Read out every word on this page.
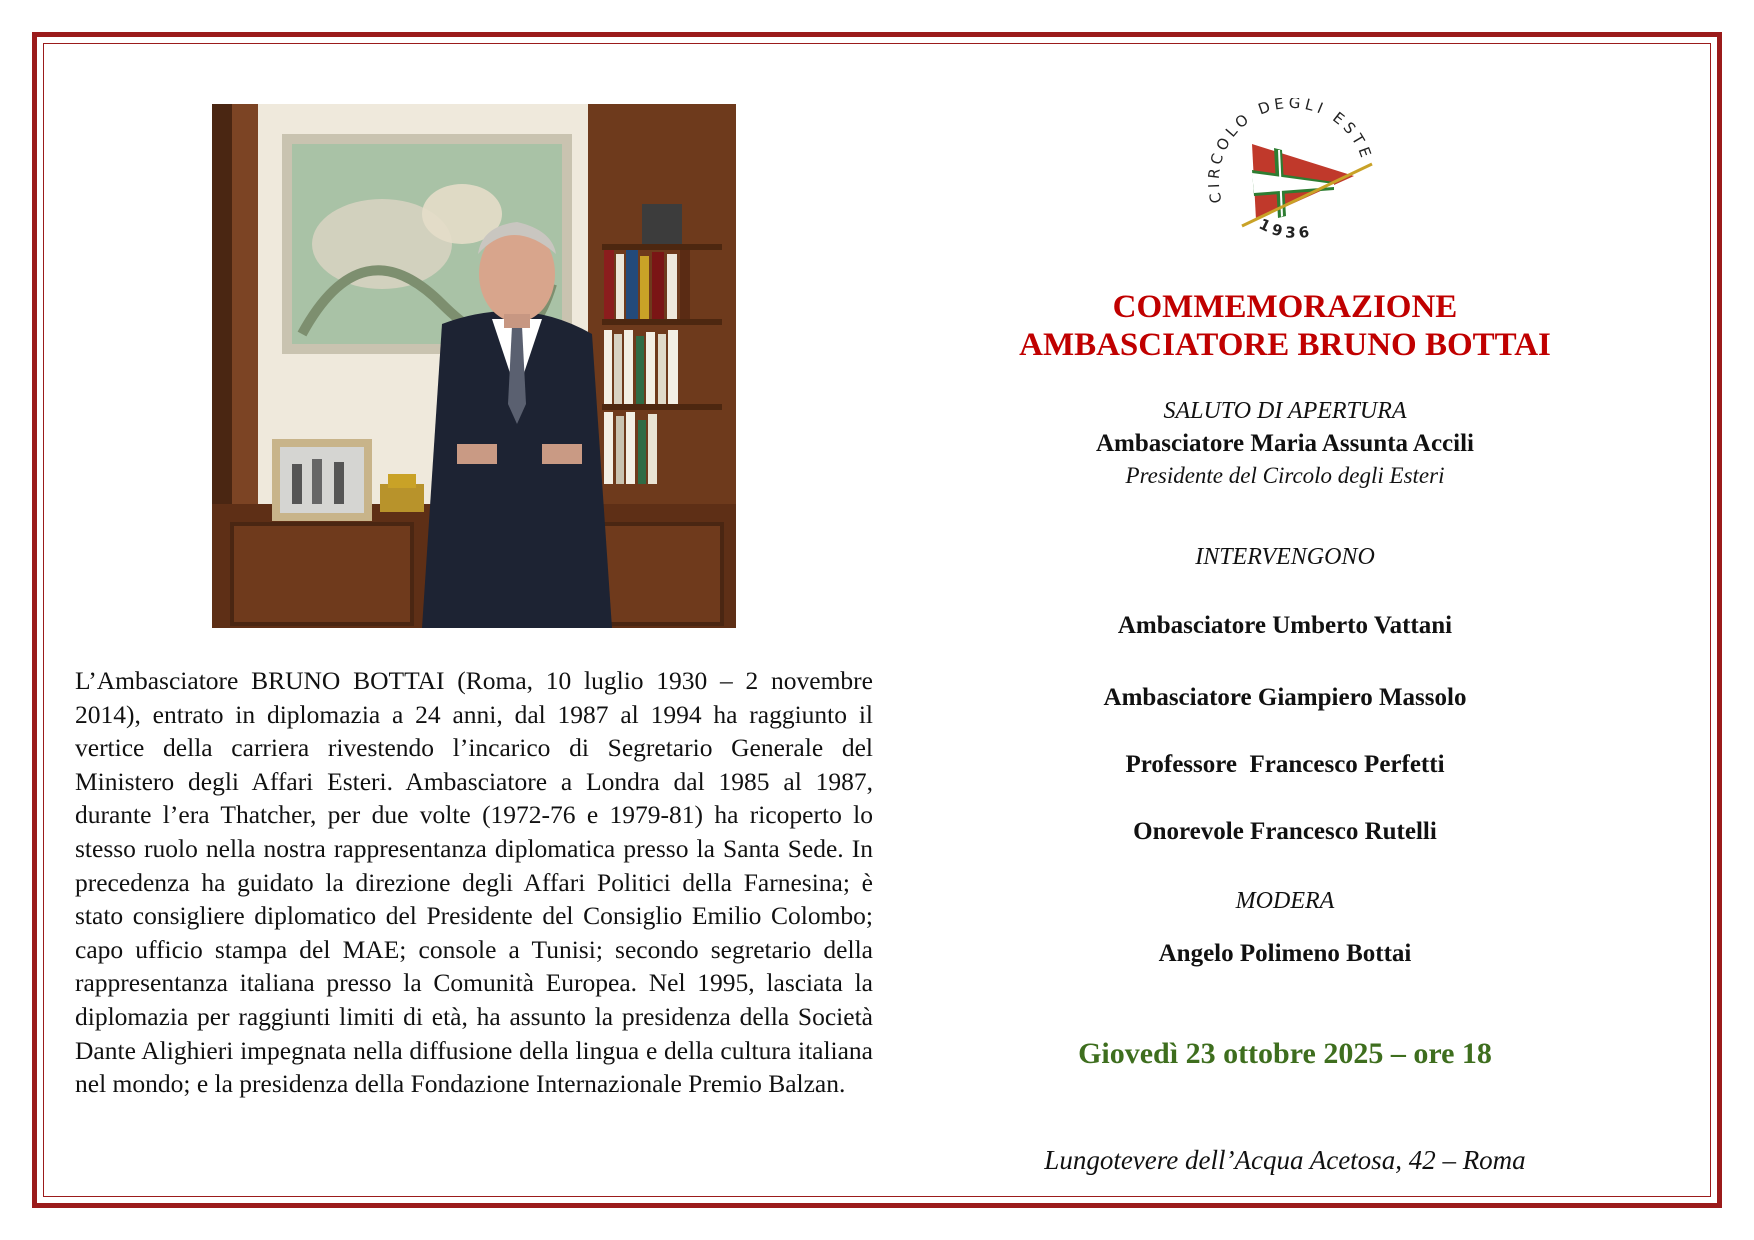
L’Ambasciatore BRUNO BOTTAI (Roma, 10 luglio 1930 – 2 novembre 2014), entrato in diplomazia a 24 anni, dal 1987 al 1994 ha raggiunto il vertice della carriera rivestendo l’incarico di Segretario Generale del Ministero degli Affari Esteri. Ambasciatore a Londra dal 1985 al 1987, durante l’era Thatcher, per due volte (1972-76 e 1979-81) ha ricoperto lo stesso ruolo nella nostra rappresentanza diplomatica presso la Santa Sede. In precedenza ha guidato la direzione degli Affari Politici della Farnesina; è stato consigliere diplomatico del Presidente del Consiglio Emilio Colombo; capo ufficio stampa del MAE; console a Tunisi; secondo segretario della rappresentanza italiana presso la Comunità Europea. Nel 1995, lasciata la diplomazia per raggiunti limiti di età, ha assunto la presidenza della Società Dante Alighieri impegnata nella diffusione della lingua e della cultura italiana nel mondo; e la presidenza della Fondazione Internazionale Premio Balzan.

CIRCOLO DEGLI ESTE
1936

COMMEMORAZIONE
AMBASCIATORE BRUNO BOTTAI

SALUTO DI APERTURA

Ambasciatore Maria Assunta Accili

Presidente del Circolo degli Esteri

INTERVENGONO

Ambasciatore Umberto Vattani

Ambasciatore Giampiero Massolo

Professore  Francesco Perfetti

Onorevole Francesco Rutelli

MODERA

Angelo Polimeno Bottai

Giovedì 23 ottobre 2025 – ore 18

Lungotevere dell’Acqua Acetosa, 42 – Roma
